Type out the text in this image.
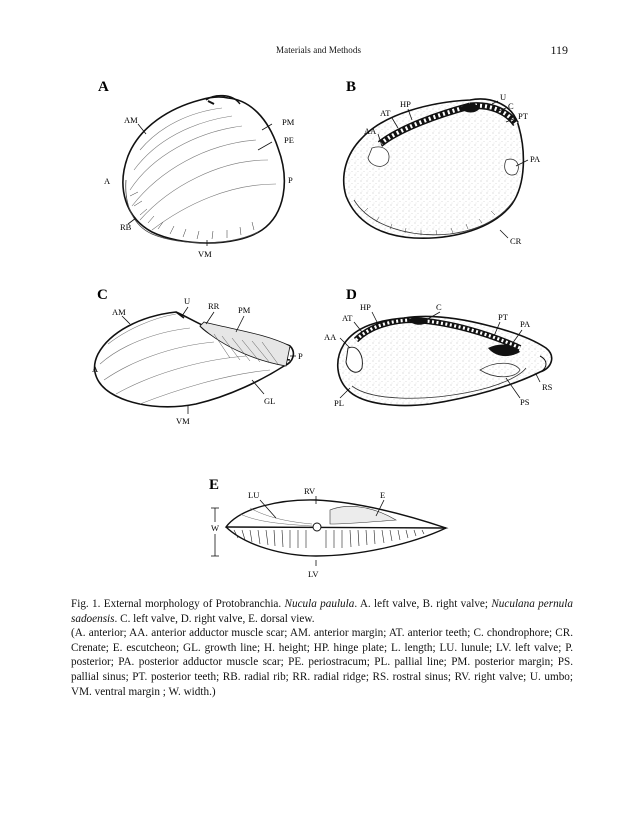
Materials and Methods	119
A
AM	PM
PE
A	P
RB
VM
B
U
HP	C
AT	PT
AA
PA
CR
C	U
AM
RR PM
A
P
GL
VM
D
HP	C
AT	PT
PA
AA
RS
PL	PS
E	RV
LU	E
W
LV

Fig. 1. External morphology of Protobranchia. Nucula paulula. A. left valve, B. right valve; Nuculana pernula sadoensis. C. left valve, D. right valve, E. dorsal view.

(A. anterior; AA. anterior adductor muscle scar; AM. anterior margin; AT. anterior teeth; C. chondrophore; CR. Crenate; E. escutcheon; GL. growth line; H. height; HP. hinge plate; L. length; LU. lunule; LV. left valve; P. posterior; PA. posterior adductor muscle scar; PE. periostracum; PL. pallial line; PM. posterior margin; PS. pallial sinus; PT. posterior teeth; RB. radial rib; RR. radial ridge; RS. rostral sinus; RV. right valve; U. umbo; VM. ventral margin ; W. width.)
